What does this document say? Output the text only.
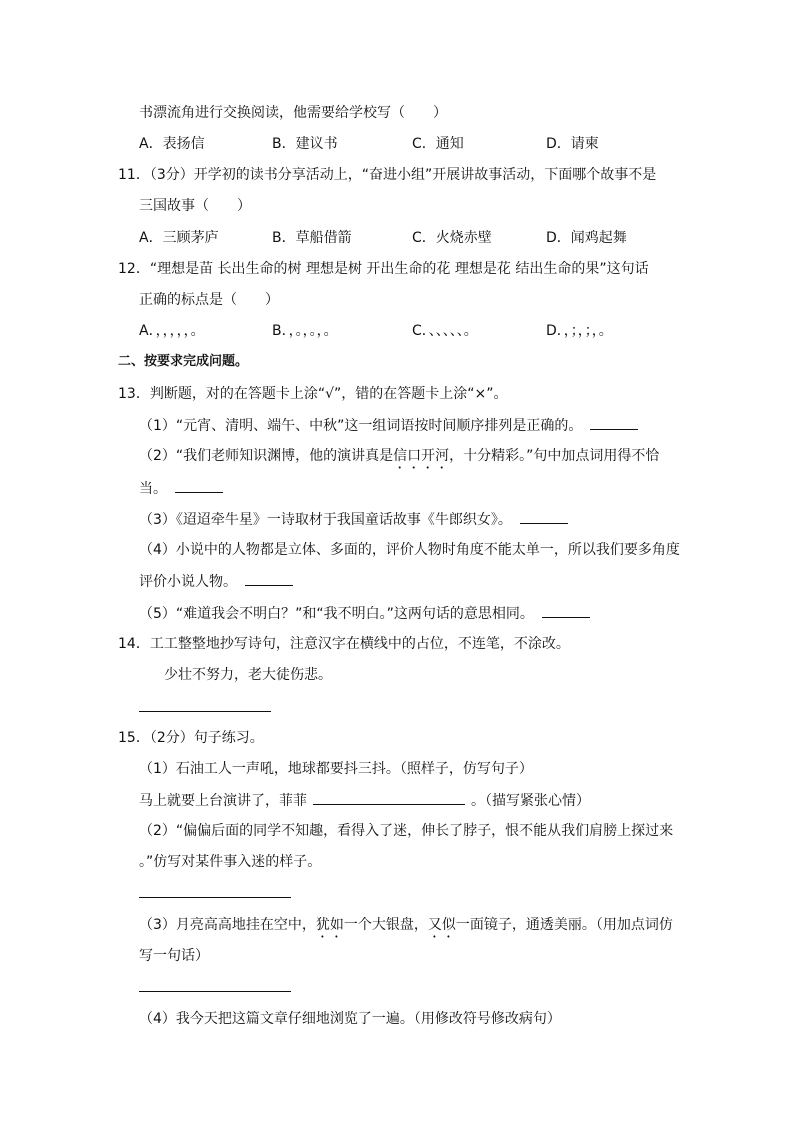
书漂流角进行交换阅读，他需要给学校写（　　）
A．表扬信	B．建议书	C．通知	D．请柬
11．（3分）开学初的读书分享活动上，“奋进小组”开展讲故事活动，下面哪个故事不是
三国故事（　　）
A．三顾茅庐	B．草船借箭	C．火烧赤壁	D．闻鸡起舞
12．“理想是苗 长出生命的树 理想是树 开出生命的花 理想是花 结出生命的果”这句话
正确的标点是（　　）
A．，，，，，。	B．，。，。，。	C．、、、、、。	D．，；，；，。
二、按要求完成问题。
13．判断题，对的在答题卡上涂“√”，错的在答题卡上涂“×”。
（1）“元宵、清明、端午、中秋”这一组词语按时间顺序排列是正确的。
（2）“我们老师知识渊博，他的演讲真是信口开河，十分精彩。”句中加点词用得不恰
当。
（3）《迢迢牵牛星》一诗取材于我国童话故事《牛郎织女》。
（4）小说中的人物都是立体、多面的，评价人物时角度不能太单一，所以我们要多角度
评价小说人物。
（5）“难道我会不明白？”和“我不明白。”这两句话的意思相同。
14．工工整整地抄写诗句，注意汉字在横线中的占位，不连笔，不涂改。
少壮不努力，老大徒伤悲。
15．（2分）句子练习。
（1）石油工人一声吼，地球都要抖三抖。（照样子，仿写句子）
马上就要上台演讲了，菲菲	。（描写紧张心情）
（2）“偏偏后面的同学不知趣，看得入了迷，伸长了脖子，恨不能从我们肩膀上探过来
。”仿写对某件事入迷的样子。
（3）月亮高高地挂在空中，犹如一个大银盘，又似一面镜子，通透美丽。（用加点词仿
写一句话）
（4）我今天把这篇文章仔细地浏览了一遍。（用修改符号修改病句）
